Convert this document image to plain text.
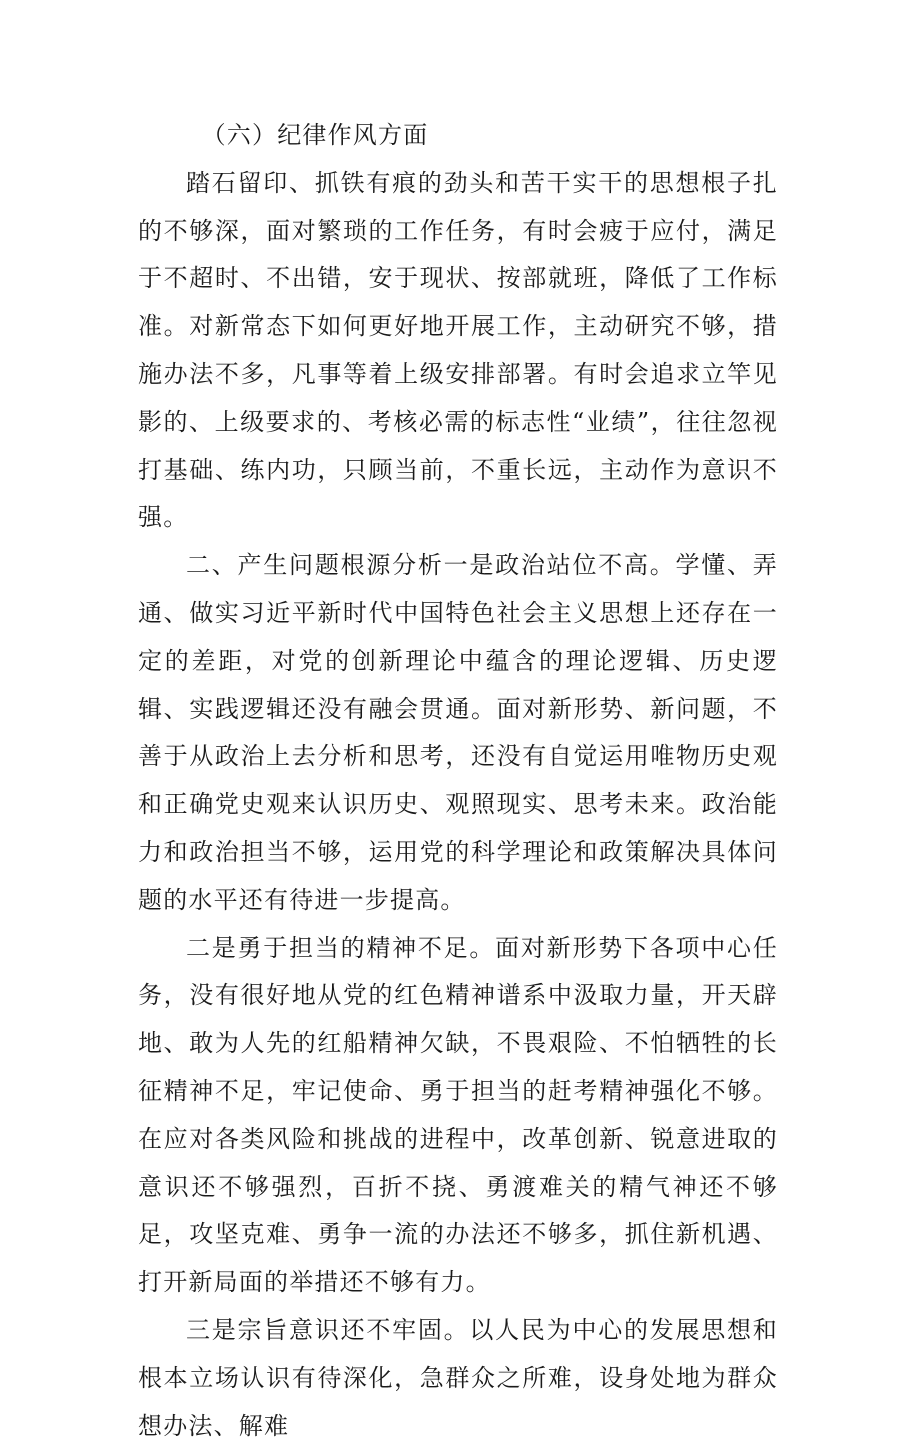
（六）纪律作风方面

踏石留印、抓铁有痕的劲头和苦干实干的思想根子扎的不够深，面对繁琐的工作任务，有时会疲于应付，满足于不超时、不出错，安于现状、按部就班，降低了工作标准。对新常态下如何更好地开展工作，主动研究不够，措施办法不多，凡事等着上级安排部署。有时会追求立竿见影的、上级要求的、考核必需的标志性“业绩”，往往忽视打基础、练内功，只顾当前，不重长远，主动作为意识不强。

二、产生问题根源分析一是政治站位不高。学懂、弄通、做实习近平新时代中国特色社会主义思想上还存在一定的差距，对党的创新理论中蕴含的理论逻辑、历史逻辑、实践逻辑还没有融会贯通。面对新形势、新问题，不善于从政治上去分析和思考，还没有自觉运用唯物历史观和正确党史观来认识历史、观照现实、思考未来。政治能力和政治担当不够，运用党的科学理论和政策解决具体问题的水平还有待进一步提高。

二是勇于担当的精神不足。面对新形势下各项中心任务，没有很好地从党的红色精神谱系中汲取力量，开天辟地、敢为人先的红船精神欠缺，不畏艰险、不怕牺牲的长征精神不足，牢记使命、勇于担当的赶考精神强化不够。在应对各类风险和挑战的进程中，改革创新、锐意进取的意识还不够强烈，百折不挠、勇渡难关的精气神还不够足，攻坚克难、勇争一流的办法还不够多，抓住新机遇、打开新局面的举措还不够有力。

三是宗旨意识还不牢固。以人民为中心的发展思想和根本立场认识有待深化，急群众之所难，设身处地为群众想办法、解难
